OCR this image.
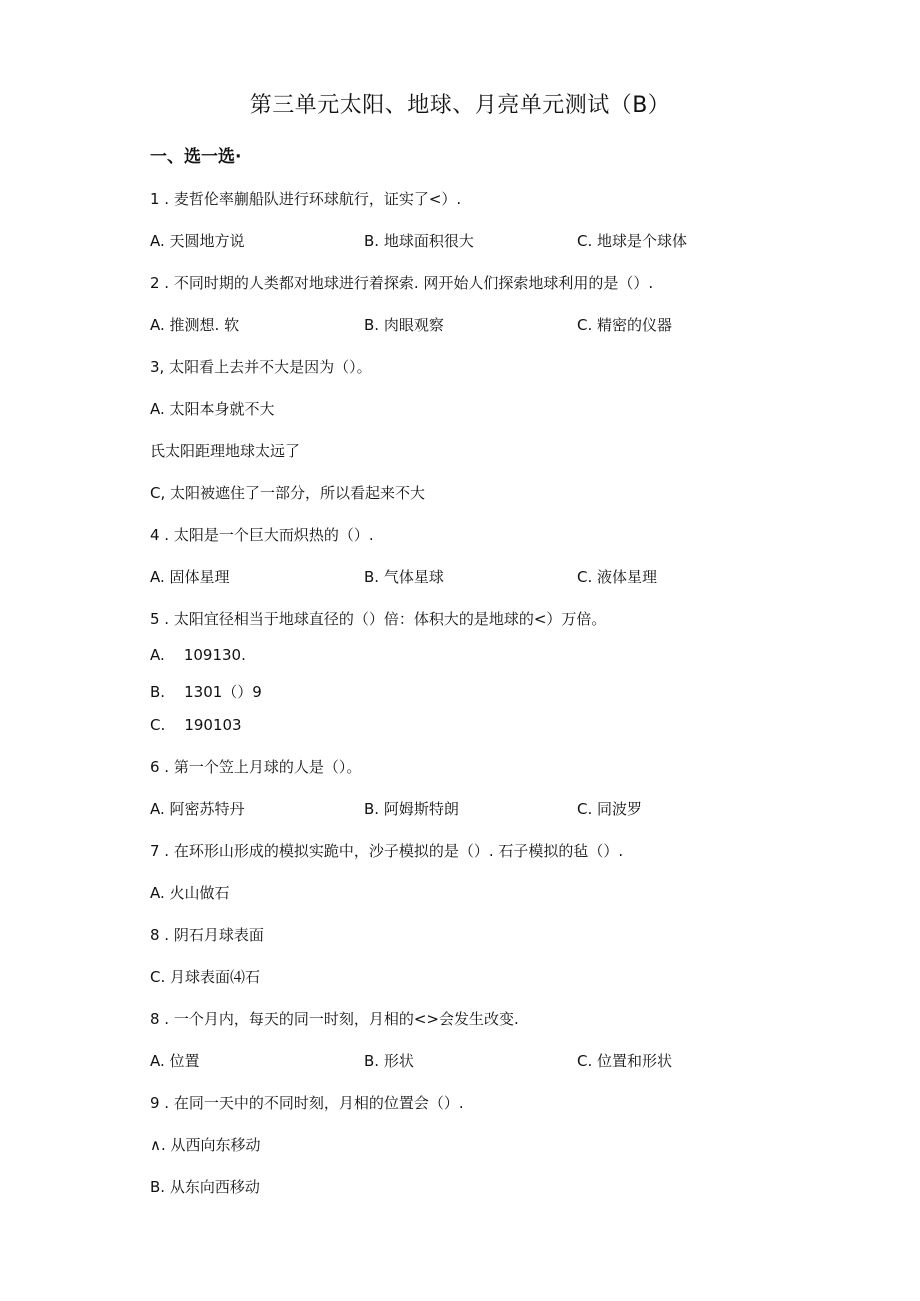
第三单元太阳、地球、月亮单元测试（B）
一、选一选·
1 . 麦哲伦率蒯船队进行环球航行，证实了<）.
A. 天圆地方说	B. 地球面积很大	C. 地球是个球体
2 . 不同时期的人类都对地球进行着探索. 网开始人们探索地球利用的是（）.
A. 推测想. 软	B. 肉眼观察	C. 精密的仪器
3, 太阳看上去并不大是因为（）。
A. 太阳本身就不大
氏太阳距理地球太远了
C, 太阳被遮住了一部分，所以看起来不大
4 . 太阳是一个巨大而炽热的（）.
A. 固体星理	B. 气体星球	C. 液体星理
5 . 太阳宜径相当于地球直径的（）倍：体积大的是地球的<）万倍。
A.    109130.
B.    1301（）9
C.    190103
6 . 第一个笠上月球的人是（）。
A. 阿密苏特丹	B. 阿姆斯特朗	C. 同波罗
7 . 在环形山形成的模拟实跪中，沙子模拟的是（）. 石子模拟的毡（）.
A. 火山做石
8 . 阴石月球表面
C. 月球表面⑷石
8 . 一个月内，每天的同一时刻，月相的<>会发生改变.
A. 位置	B. 形状	C. 位置和形状
9 . 在同一天中的不同时刻，月相的位置会（）.
∧. 从西向东移动
B. 从东向西移动
